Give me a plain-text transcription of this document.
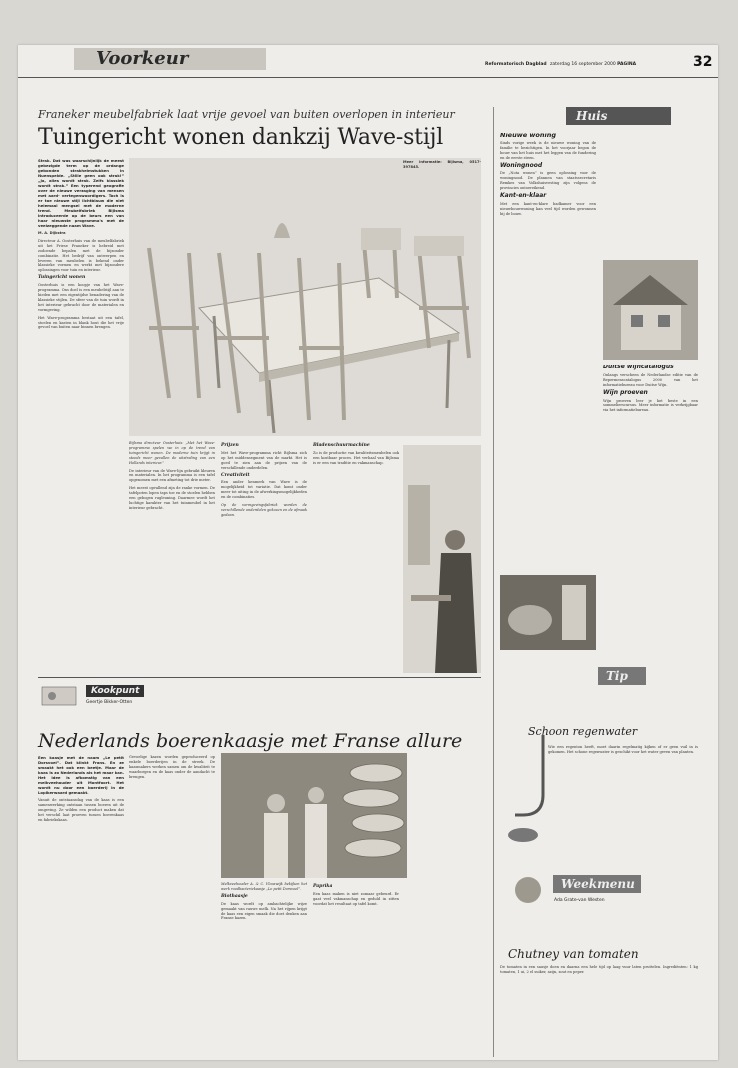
Voorkeur	Reformatorisch Dagblad zaterdag 16 september 2000 PAGINA	32
Franeker meubelfabriek laat vrije gevoel van buiten overlopen in interieur
Tuingericht wonen dankzij Wave-stijl

Strak. Dat was waarschijnlijk de meest gebezigde term op de ordange gebonden strakhelmstukken in Nuenspeide. „Stille geen ook strak!” „Ja, alles wordt strak. Zelfs klassiek wordt strak.” Een typerend geografie over de nieuwe verzaging van mensen met aard- vertegenwoordigers. Toch is er toe nieuwe stijl lichtblauw die niet helemaal mengsel met de moderne trend. Meubelfabriek Bijlsma introduceerde op de beurs een van haar nieuwste programma's met de veelzeggende naam Wave.

M. A. Dijkstra

Directeur A. Oosterhuis van de meubelfabriek uit het Friese Franeker is hebreid met zodoende bepalen met de bijzonder combinatie. Het bedrijf van ontwerpen en leveren van meubelen is bekend onder klassieke vormen en werkt met bijzondere oplossingen voor tuin en interieur.

Tuingericht wonen

Oosterhuis is een koopje van het Wave-programma. Ons doel is een meubelstijl aan te bieden met een eigentijdse benadering van de klassieke stijlen. De sfeer van de tuin wordt in het interieur gebracht door de materialen en vormgeving.

Het Wave-programma bestaat uit een tafel, stoelen en kasten in blank hout die het vrije gevoel van buiten naar binnen brengen.

Bijlsma directeur Oosterhuis: „Met het Wave-programma spelen we in op de trend van tuingericht wonen. De moderne tuin krijgt in steeds meer gevallen de uitstraling van een Hollands interieur.”

De interieur van de Wave-lijn gebruikt kleuren en materialen. In het programma is een tafel opgenomen met een afmeting tot drie meter.

Het meest opvallend zijn de ranke vormen. De tafelpoten lopen taps toe en de stoelen hebben een gebogen rugleuning. Daarmee wordt het luchtige karakter van het tuinmeubel in het interieur gebracht.

Prijzen

Met het Wave-programma richt Bijlsma zich op het middensegment van de markt. Het is goed te zien aan de prijzen van de verschillende onderdelen.

Creativiteit

Een ander kenmerk van Wave is de mogelijkheid tot variatie. Dat komt onder meer tot uiting in de afwerkingsmogelijkheden en de combinaties.

Op de vormgevingsfabriek worden de verschillende onderdelen gekozen en de afmaak gedaan.

Bladenschuurmachine

Zo is de productie van kwaliteitsmeubelen ook een kostbaar proces. Het verhaal van Bijlsma is er een van traditie en vakmanschap.

Meer informatie: Bijlsma, 0517-397845.

Kookpunt
Geertje Bikker-Otten
Nederlands boerenkaasje met Franse allure

Een kaasje met de naam „Le petit Dorsvoel”. Dat klinkt Frans. En ze smaakt het ook een beetje. Maar de kaas is zo Nederlands als het maar kan. Het idee is afkomstig van een melkveehouder uit Montfoort. Het wordt nu door een boerderij in de Lopikerwaard gemaakt.

Vanuit de ontstaansdag van de kaas is een samenwerking ontstaan tussen boeren uit de omgeving. Ze wilden een product maken dat het verschil laat proeven tussen boerenkaas en fabriekskaas.

Gevoelige kazen worden geproduceerd op enkele boerderijen in de streek. De kaasmakers werken samen om de kwaliteit te waarborgen en de kaas onder de aandacht te brengen.

Melkveehouder A. & C. Vlooswijk bekijken het werk roodbacteriekaasje „Le petit Dorsvoel”.

Biothaasje

De kaas wordt op ambachtelijke wijze gemaakt van rauwe melk. Na het rijpen krijgt de kaas een eigen smaak die doet denken aan Franse kazen.

Paprika

Een kaas maken is niet zomaar gebeurd. Er gaat veel vakmanschap en geduld in zitten voordat het resultaat op tafel komt.

Huis

Nieuwe woning

Sinds vorige week is de nieuwe woning van de familie te bezichtigen. In het voorjaar begon de bouw van het huis met het leggen van de fundering en de eerste steen.

Woningnood

De „Nota wonen” is geen oplossing voor de woningnood. De plannen van staatssecretaris Remkes van Volkshuisvesting zijn volgens de provincies ontoereikend.

Kant-en-klaar

Met een kant-en-klare badkamer voor een nieuwbouwwoning kan veel tijd worden gewonnen bij de bouw.

Duitse wijncatalogus

Onlangs verscheen de Nederlandse editie van de Bepermenscatalogus 2000 van het informatiebureau voor Duitse Wijn.

Wijn proeven

Wijn proeven leer je het beste in een sommelierscursus. Meer informatie is verkrijgbaar via het informatiebureau.

Tip
Schoon regenwater

Wie een regenton heeft, moet daarin regelmatig kijken of er geen vuil in is gekomen. Het schone regenwater is geschikt voor het water geven van planten.

Weekmenu
Ada Grate-van Westen
Chutney van tomaten

De tomaten in een sausje doen en daarna een hele tijd op laag vuur laten pruttelen. Ingrediënten: 1 kg tomaten, 1 ui, 2 el suiker, azijn, zout en peper.
